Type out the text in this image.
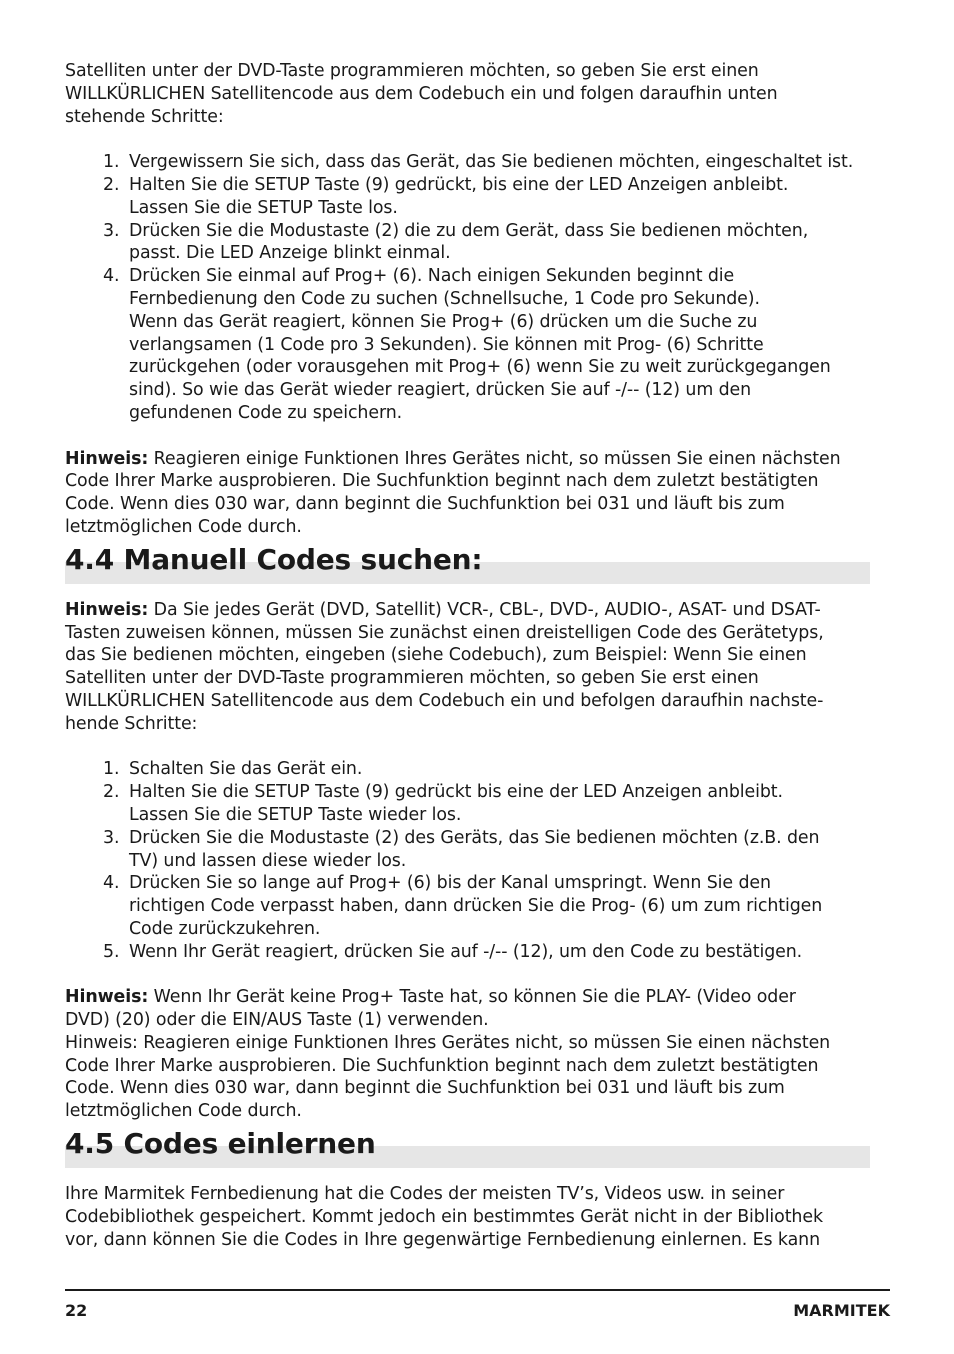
Satelliten unter der DVD-Taste programmieren möchten, so geben Sie erst einen

WILLKÜRLICHEN Satellitencode aus dem Codebuch ein und folgen daraufhin unten

stehende Schritte:

1. Vergewissern Sie sich, dass das Gerät, das Sie bedienen möchten, eingeschaltet ist.
2. Halten Sie die SETUP Taste (9) gedrückt, bis eine der LED Anzeigen anbleibt.
Lassen Sie die SETUP Taste los.
3. Drücken Sie die Modustaste (2) die zu dem Gerät, dass Sie bedienen möchten,
passt. Die LED Anzeige blinkt einmal.
4. Drücken Sie einmal auf Prog+ (6). Nach einigen Sekunden beginnt die
Fernbedienung den Code zu suchen (Schnellsuche, 1 Code pro Sekunde).
Wenn das Gerät reagiert, können Sie Prog+ (6) drücken um die Suche zu
verlangsamen (1 Code pro 3 Sekunden). Sie können mit Prog- (6) Schritte
zurückgehen (oder vorausgehen mit Prog+ (6) wenn Sie zu weit zurückgegangen
sind). So wie das Gerät wieder reagiert, drücken Sie auf -/-- (12) um den
gefundenen Code zu speichern.

Hinweis: Reagieren einige Funktionen Ihres Gerätes nicht, so müssen Sie einen nächsten

Code Ihrer Marke ausprobieren. Die Suchfunktion beginnt nach dem zuletzt bestätigten

Code. Wenn dies 030 war, dann beginnt die Suchfunktion bei 031 und läuft bis zum

letztmöglichen Code durch.

4.4 Manuell Codes suchen:

Hinweis: Da Sie jedes Gerät (DVD, Satellit) VCR-, CBL-, DVD-, AUDIO-, ASAT- und DSAT-

Tasten zuweisen können, müssen Sie zunächst einen dreistelligen Code des Gerätetyps,

das Sie bedienen möchten, eingeben (siehe Codebuch), zum Beispiel: Wenn Sie einen

Satelliten unter der DVD-Taste programmieren möchten, so geben Sie erst einen

WILLKÜRLICHEN Satellitencode aus dem Codebuch ein und befolgen daraufhin nachste-

hende Schritte:

1. Schalten Sie das Gerät ein.
2. Halten Sie die SETUP Taste (9) gedrückt bis eine der LED Anzeigen anbleibt.
Lassen Sie die SETUP Taste wieder los.
3. Drücken Sie die Modustaste (2) des Geräts, das Sie bedienen möchten (z.B. den
TV) und lassen diese wieder los.
4. Drücken Sie so lange auf Prog+ (6) bis der Kanal umspringt. Wenn Sie den
richtigen Code verpasst haben, dann drücken Sie die Prog- (6) um zum richtigen
Code zurückzukehren.
5. Wenn Ihr Gerät reagiert, drücken Sie auf -/-- (12), um den Code zu bestätigen.

Hinweis: Wenn Ihr Gerät keine Prog+ Taste hat, so können Sie die PLAY- (Video oder

DVD) (20) oder die EIN/AUS Taste (1) verwenden.

Hinweis: Reagieren einige Funktionen Ihres Gerätes nicht, so müssen Sie einen nächsten

Code Ihrer Marke ausprobieren. Die Suchfunktion beginnt nach dem zuletzt bestätigten

Code. Wenn dies 030 war, dann beginnt die Suchfunktion bei 031 und läuft bis zum

letztmöglichen Code durch.

4.5 Codes einlernen

Ihre Marmitek Fernbedienung hat die Codes der meisten TV’s, Videos usw. in seiner

Codebibliothek gespeichert. Kommt jedoch ein bestimmtes Gerät nicht in der Bibliothek

vor, dann können Sie die Codes in Ihre gegenwärtige Fernbedienung einlernen. Es kann

22	MARMITEK
